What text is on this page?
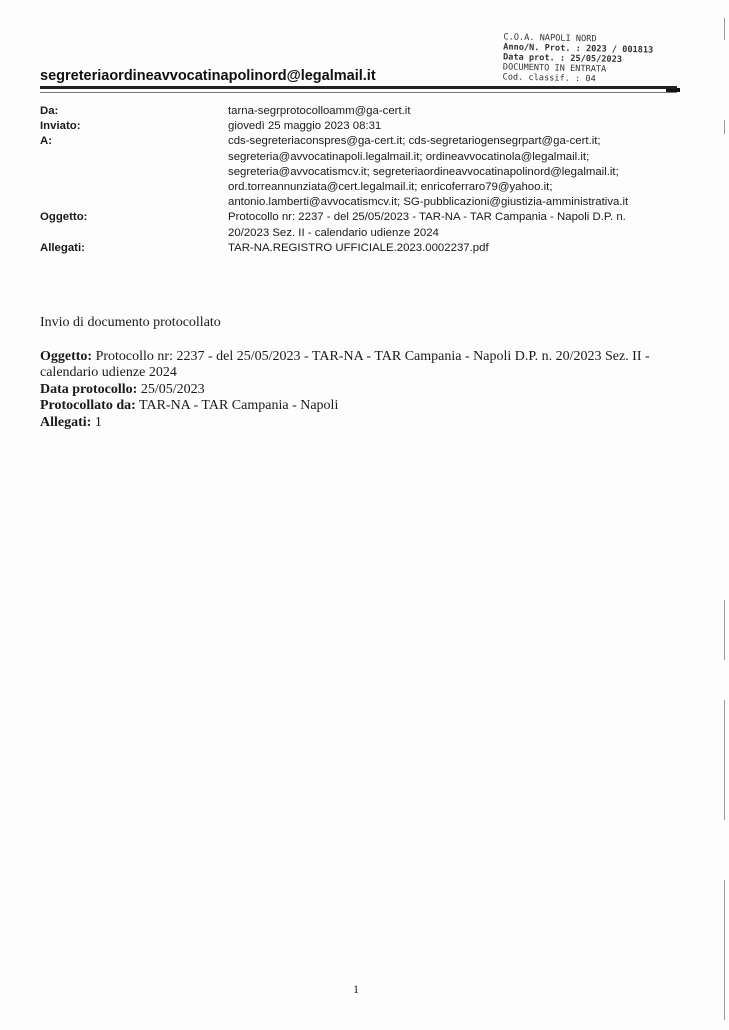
C.O.A. NAPOLI NORD
Anno/N. Prot. : 2023 / 001813
Data prot. : 25/05/2023
DOCUMENTO IN ENTRATA
Cod. classif. : 04
segreteriaordineavvocatinapolinord@legalmail.it
Da:	tarna-segrprotocolloamm@ga-cert.it
Inviato:	giovedì 25 maggio 2023 08:31
A:	cds-segreteriaconspres@ga-cert.it; cds-segretariogensegrpart@ga-cert.it;
segreteria@avvocatinapoli.legalmail.it; ordineavvocatinola@legalmail.it;
segreteria@avvocatismcv.it; segreteriaordineavvocatinapolinord@legalmail.it;
ord.torreannunziata@cert.legalmail.it; enricoferraro79@yahoo.it;
antonio.lamberti@avvocatismcv.it; SG-pubblicazioni@giustizia-amministrativa.it
Oggetto:	Protocollo nr: 2237 - del 25/05/2023 - TAR-NA - TAR Campania - Napoli D.P. n.
20/2023 Sez. II - calendario udienze 2024
Allegati:	TAR-NA.REGISTRO UFFICIALE.2023.0002237.pdf

Invio di documento protocollato

Oggetto: Protocollo nr: 2237 - del 25/05/2023 - TAR-NA - TAR Campania - Napoli D.P. n. 20/2023 Sez. II - calendario udienze 2024

Data protocollo: 25/05/2023

Protocollato da: TAR-NA - TAR Campania - Napoli

Allegati: 1

1
